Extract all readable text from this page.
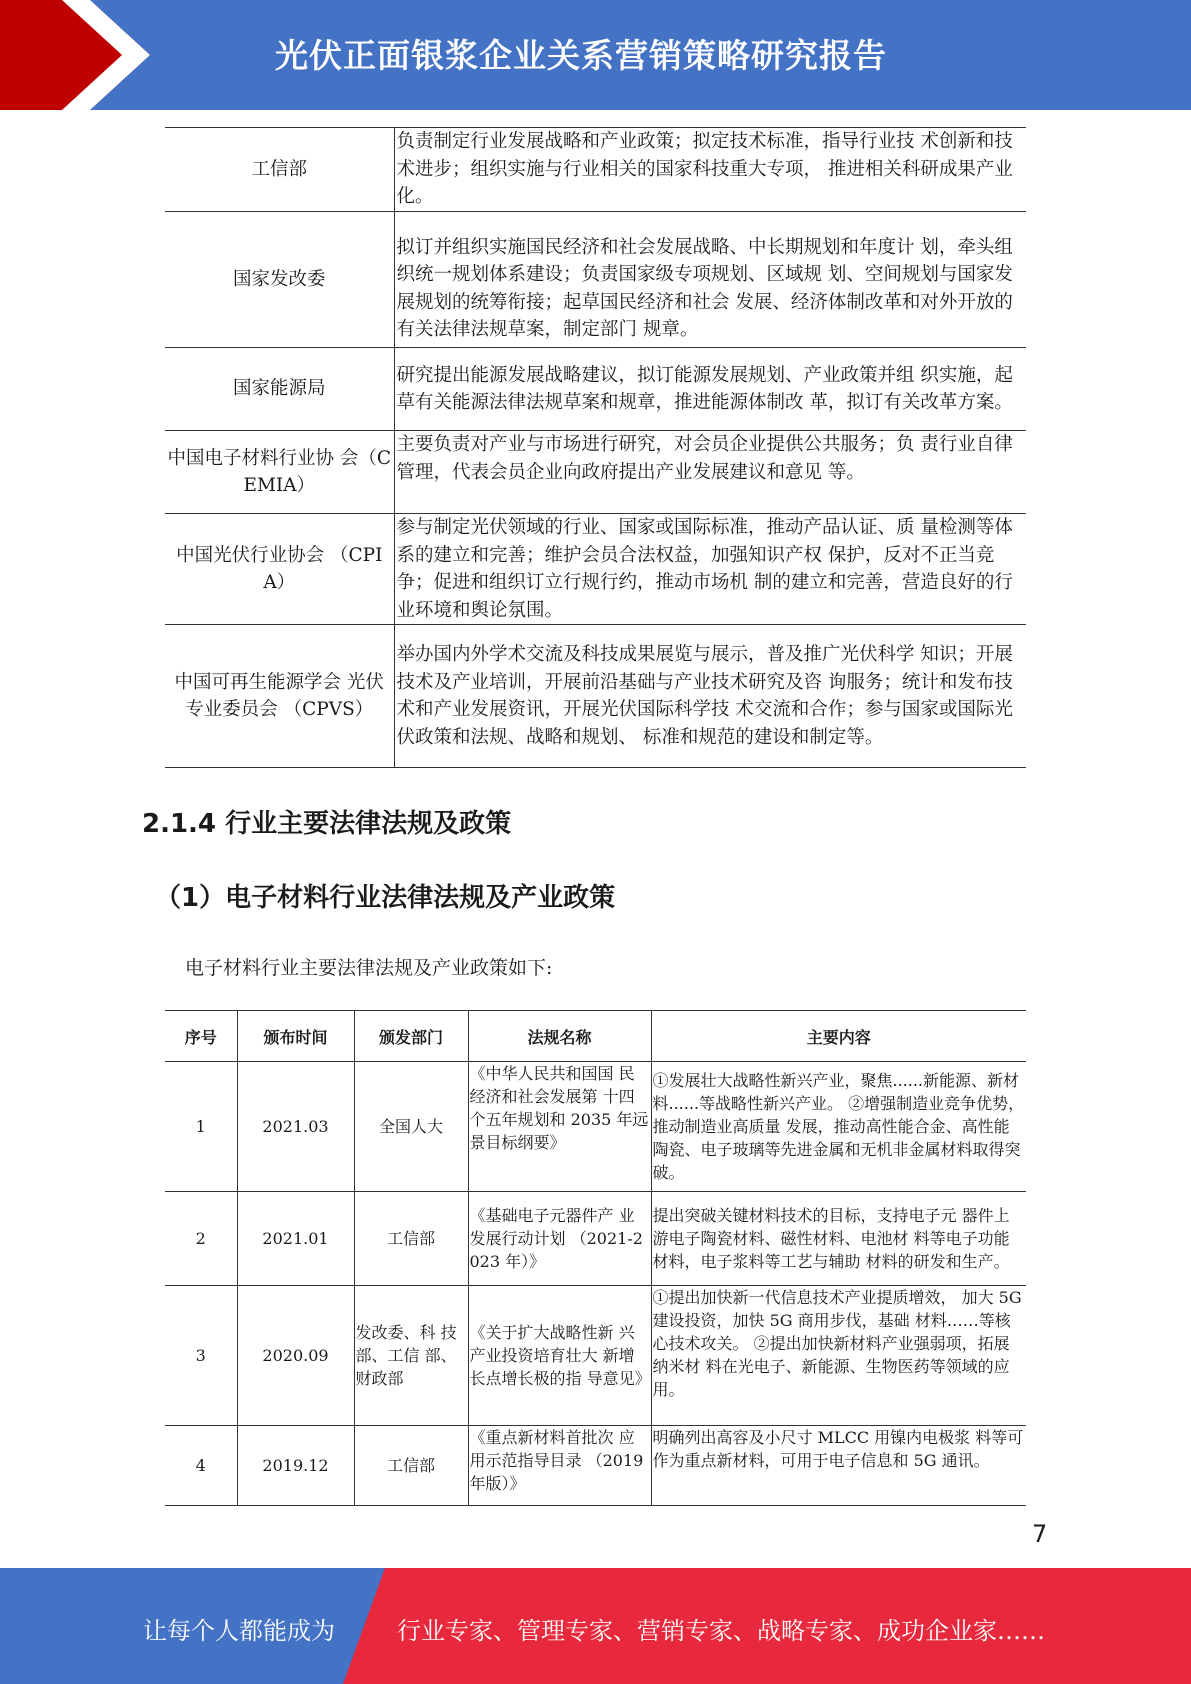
光伏正面银浆企业关系营销策略研究报告
工信部	负责制定行业发展战略和产业政策；拟定技术标准，指导行业技 术创新和技术进步；组织实施与行业相关的国家科技重大专项， 推进相关科研成果产业化。
国家发改委	拟订并组织实施国民经济和社会发展战略、中长期规划和年度计 划，牵头组织统一规划体系建设；负责国家级专项规划、区域规 划、空间规划与国家发展规划的统筹衔接；起草国民经济和社会 发展、经济体制改革和对外开放的有关法律法规草案，制定部门 规章。
国家能源局	研究提出能源发展战略建议，拟订能源发展规划、产业政策并组 织实施，起草有关能源法律法规草案和规章，推进能源体制改 革，拟订有关改革方案。
中国电子材料行业协 会（CEMIA）	主要负责对产业与市场进行研究，对会员企业提供公共服务；负 责行业自律管理，代表会员企业向政府提出产业发展建议和意见 等。
中国光伏行业协会 （CPIA）	参与制定光伏领域的行业、国家或国际标准，推动产品认证、质 量检测等体系的建立和完善；维护会员合法权益，加强知识产权 保护，反对不正当竞争；促进和组织订立行规行约，推动市场机 制的建立和完善，营造良好的行业环境和舆论氛围。
中国可再生能源学会 光伏专业委员会 （CPVS）	举办国内外学术交流及科技成果展览与展示，普及推广光伏科学 知识；开展技术及产业培训，开展前沿基础与产业技术研究及咨 询服务；统计和发布技术和产业发展资讯，开展光伏国际科学技 术交流和合作；参与国家或国际光伏政策和法规、战略和规划、 标准和规范的建设和制定等。
2.1.4 行业主要法律法规及政策
（1）电子材料行业法律法规及产业政策
电子材料行业主要法律法规及产业政策如下:
序号	颁布时间	颁发部门	法规名称	主要内容
1	2021.03	全国人大	《中华人民共和国国 民经济和社会发展第 十四个五年规划和 2035 年远景目标纲要》	①发展壮大战略性新兴产业，聚焦......新能源、新材料......等战略性新兴产业。 ②增强制造业竞争优势，推动制造业高质量 发展，推动高性能合金、高性能陶瓷、电子玻璃等先进金属和无机非金属材料取得突 破。
2	2021.01	工信部	《基础电子元器件产 业发展行动计划 （2021-2023 年）》	提出突破关键材料技术的目标，支持电子元 器件上游电子陶瓷材料、磁性材料、电池材 料等电子功能材料，电子浆料等工艺与辅助 材料的研发和生产。
3	2020.09	发改委、科 技部、工信 部、财政部	《关于扩大战略性新 兴产业投资培育壮大 新增长点增长极的指 导意见》	①提出加快新一代信息技术产业提质增效， 加大 5G 建设投资，加快 5G 商用步伐，基础 材料……等核心技术攻关。 ②提出加快新材料产业强弱项，拓展纳米材 料在光电子、新能源、生物医药等领域的应 用。
4	2019.12	工信部	《重点新材料首批次 应用示范指导目录 （2019 年版）》	明确列出高容及小尺寸 MLCC 用镍内电极浆 料等可作为重点新材料，可用于电子信息和 5G 通讯。
7
让每个人都能成为	行业专家、管理专家、营销专家、战略专家、成功企业家……
